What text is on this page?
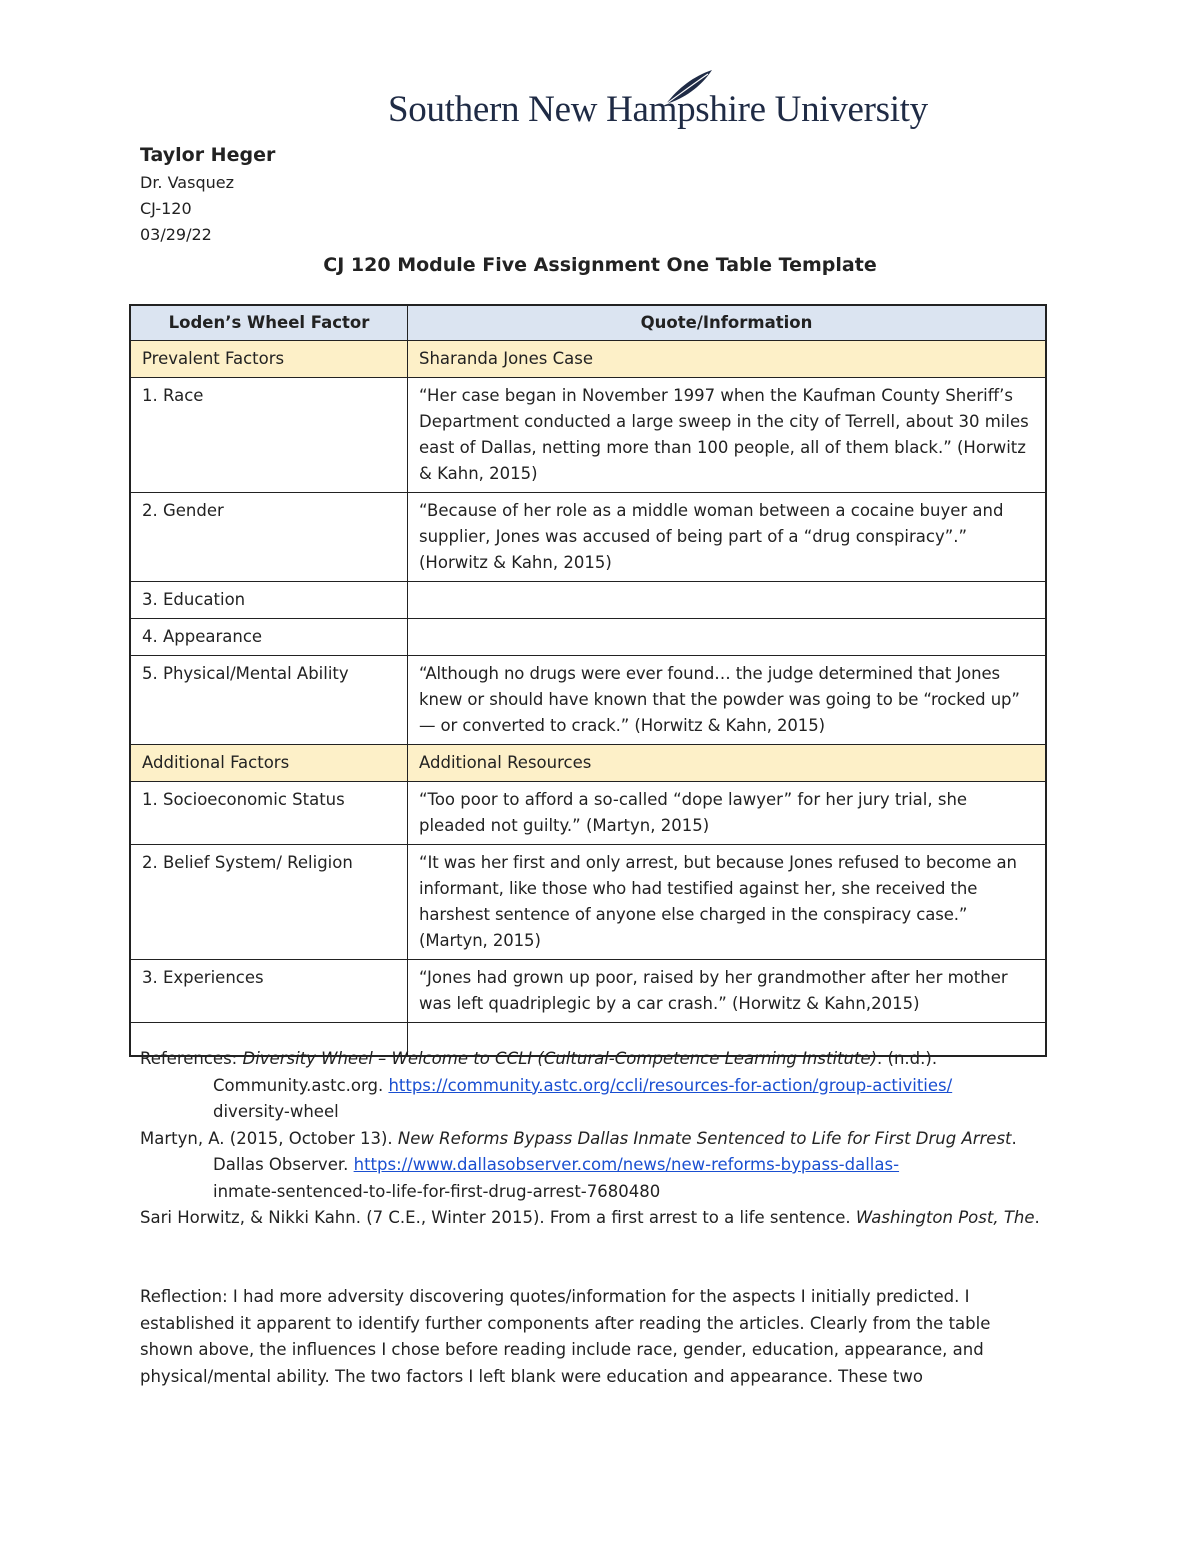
Southern New Hampshire University

Taylor Heger

Dr. Vasquez

CJ-120

03/29/22

CJ 120 Module Five Assignment One Table Template
Loden’s Wheel Factor	Quote/Information
Prevalent Factors	Sharanda Jones Case
1. Race	“Her case began in November 1997 when the Kaufman County Sheriff’s Department conducted a large sweep in the city of Terrell, about 30 miles east of Dallas, netting more than 100 people, all of them black.” (Horwitz & Kahn, 2015)
2. Gender	“Because of her role as a middle woman between a cocaine buyer and supplier, Jones was accused of being part of a “drug conspiracy”.” (Horwitz & Kahn, 2015)
3. Education	
4. Appearance	
5. Physical/Mental Ability	“Although no drugs were ever found… the judge determined that Jones knew or should have known that the powder was going to be “rocked up” — or converted to crack.” (Horwitz & Kahn, 2015)
Additional Factors	Additional Resources
1. Socioeconomic Status	“Too poor to afford a so-called “dope lawyer” for her jury trial, she pleaded not guilty.” (Martyn, 2015)
2. Belief System/ Religion	“It was her first and only arrest, but because Jones refused to become an informant, like those who had testified against her, she received the harshest sentence of anyone else charged in the conspiracy case.” (Martyn, 2015)
3. Experiences	“Jones had grown up poor, raised by her grandmother after her mother was left quadriplegic by a car crash.” (Horwitz & Kahn,2015)

References: Diversity Wheel – Welcome to CCLI (Cultural-Competence Learning Institute). (n.d.). Community.astc.org. https://community.astc.org/ccli/resources-for-action/group-activities/
diversity-wheel

Martyn, A. (2015, October 13). New Reforms Bypass Dallas Inmate Sentenced to Life for First Drug Arrest. Dallas Observer. https://www.dallasobserver.com/news/new-reforms-bypass-dallas-
inmate-sentenced-to-life-for-first-drug-arrest-7680480

Sari Horwitz, & Nikki Kahn. (7 C.E., Winter 2015). From a first arrest to a life sentence. Washington Post, The.

Reflection: I had more adversity discovering quotes/information for the aspects I initially predicted. I established it apparent to identify further components after reading the articles. Clearly from the table shown above, the influences I chose before reading include race, gender, education, appearance, and physical/mental ability. The two factors I left blank were education and appearance. These two
